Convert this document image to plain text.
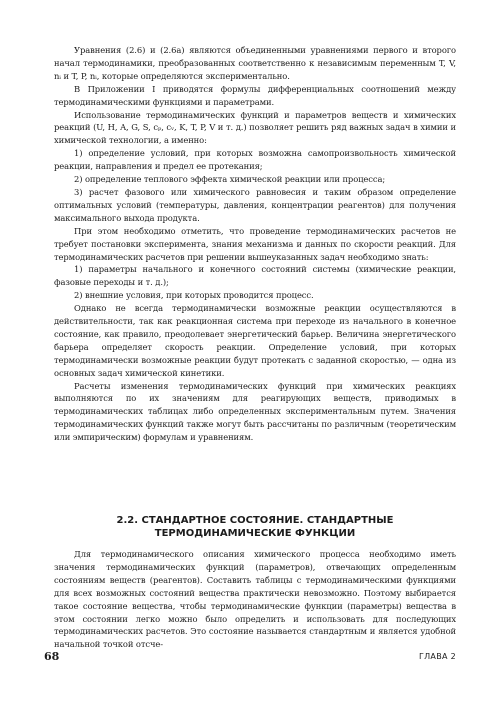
Уравнения (2.6) и (2.6а) являются объединенными уравнениями первого и второго начал термодинамики, преобразованных соответственно к независимым переменным T, V, nᵢ и T, P, nᵢ, которые определяются экспериментально.

В Приложении I приводятся формулы дифференциальных соотношений между термодинамическими функциями и параметрами.

Использование термодинамических функций и параметров веществ и химических реакций (U, H, A, G, S, cₚ, cᵥ, K, T, P, V и т. д.) позволяет решить ряд важных задач в химии и химической технологии, а именно:

1) определение условий, при которых возможна самопроизвольность химической реакции, направления и предел ее протекания;

2) определение теплового эффекта химической реакции или процесса;

3) расчет фазового или химического равновесия и таким образом определение оптимальных условий (температуры, давления, концентрации реагентов) для получения максимального выхода продукта.

При этом необходимо отметить, что проведение термодинамических расчетов не требует постановки эксперимента, знания механизма и данных по скорости реакций. Для термодинамических расчетов при решении вышеуказанных задач необходимо знать:

1) параметры начального и конечного состояний системы (химические реакции, фазовые переходы и т. д.);

2) внешние условия, при которых проводится процесс.

Однако не всегда термодинамически возможные реакции осуществляются в действительности, так как реакционная система при переходе из начального в конечное состояние, как правило, преодолевает энергетический барьер. Величина энергетического барьера определяет скорость реакции. Определение условий, при которых термодинамически возможные реакции будут протекать с заданной скоростью, — одна из основных задач химической кинетики.

Расчеты изменения термодинамических функций при химических реакциях выполняются по их значениям для реагирующих веществ, приводимых в термодинамических таблицах либо определенных экспериментальным путем. Значения термодинамических функций также могут быть рассчитаны по различным (теоретическим или эмпирическим) формулам и уравнениям.

2.2. СТАНДАРТНОЕ СОСТОЯНИЕ. СТАНДАРТНЫЕ
ТЕРМОДИНАМИЧЕСКИЕ ФУНКЦИИ

Для термодинамического описания химического процесса необходимо иметь значения термодинамических функций (параметров), отвечающих определенным состояниям веществ (реагентов). Составить таблицы с термодинамическими функциями для всех возможных состояний вещества практически невозможно. Поэтому выбирается такое состояние вещества, чтобы термодинамические функции (параметры) вещества в этом состоянии легко можно было определить и использовать для последующих термодинамических расчетов. Это состояние называется стандартным и является удобной начальной точкой отсче-

68	ГЛАВА 2
